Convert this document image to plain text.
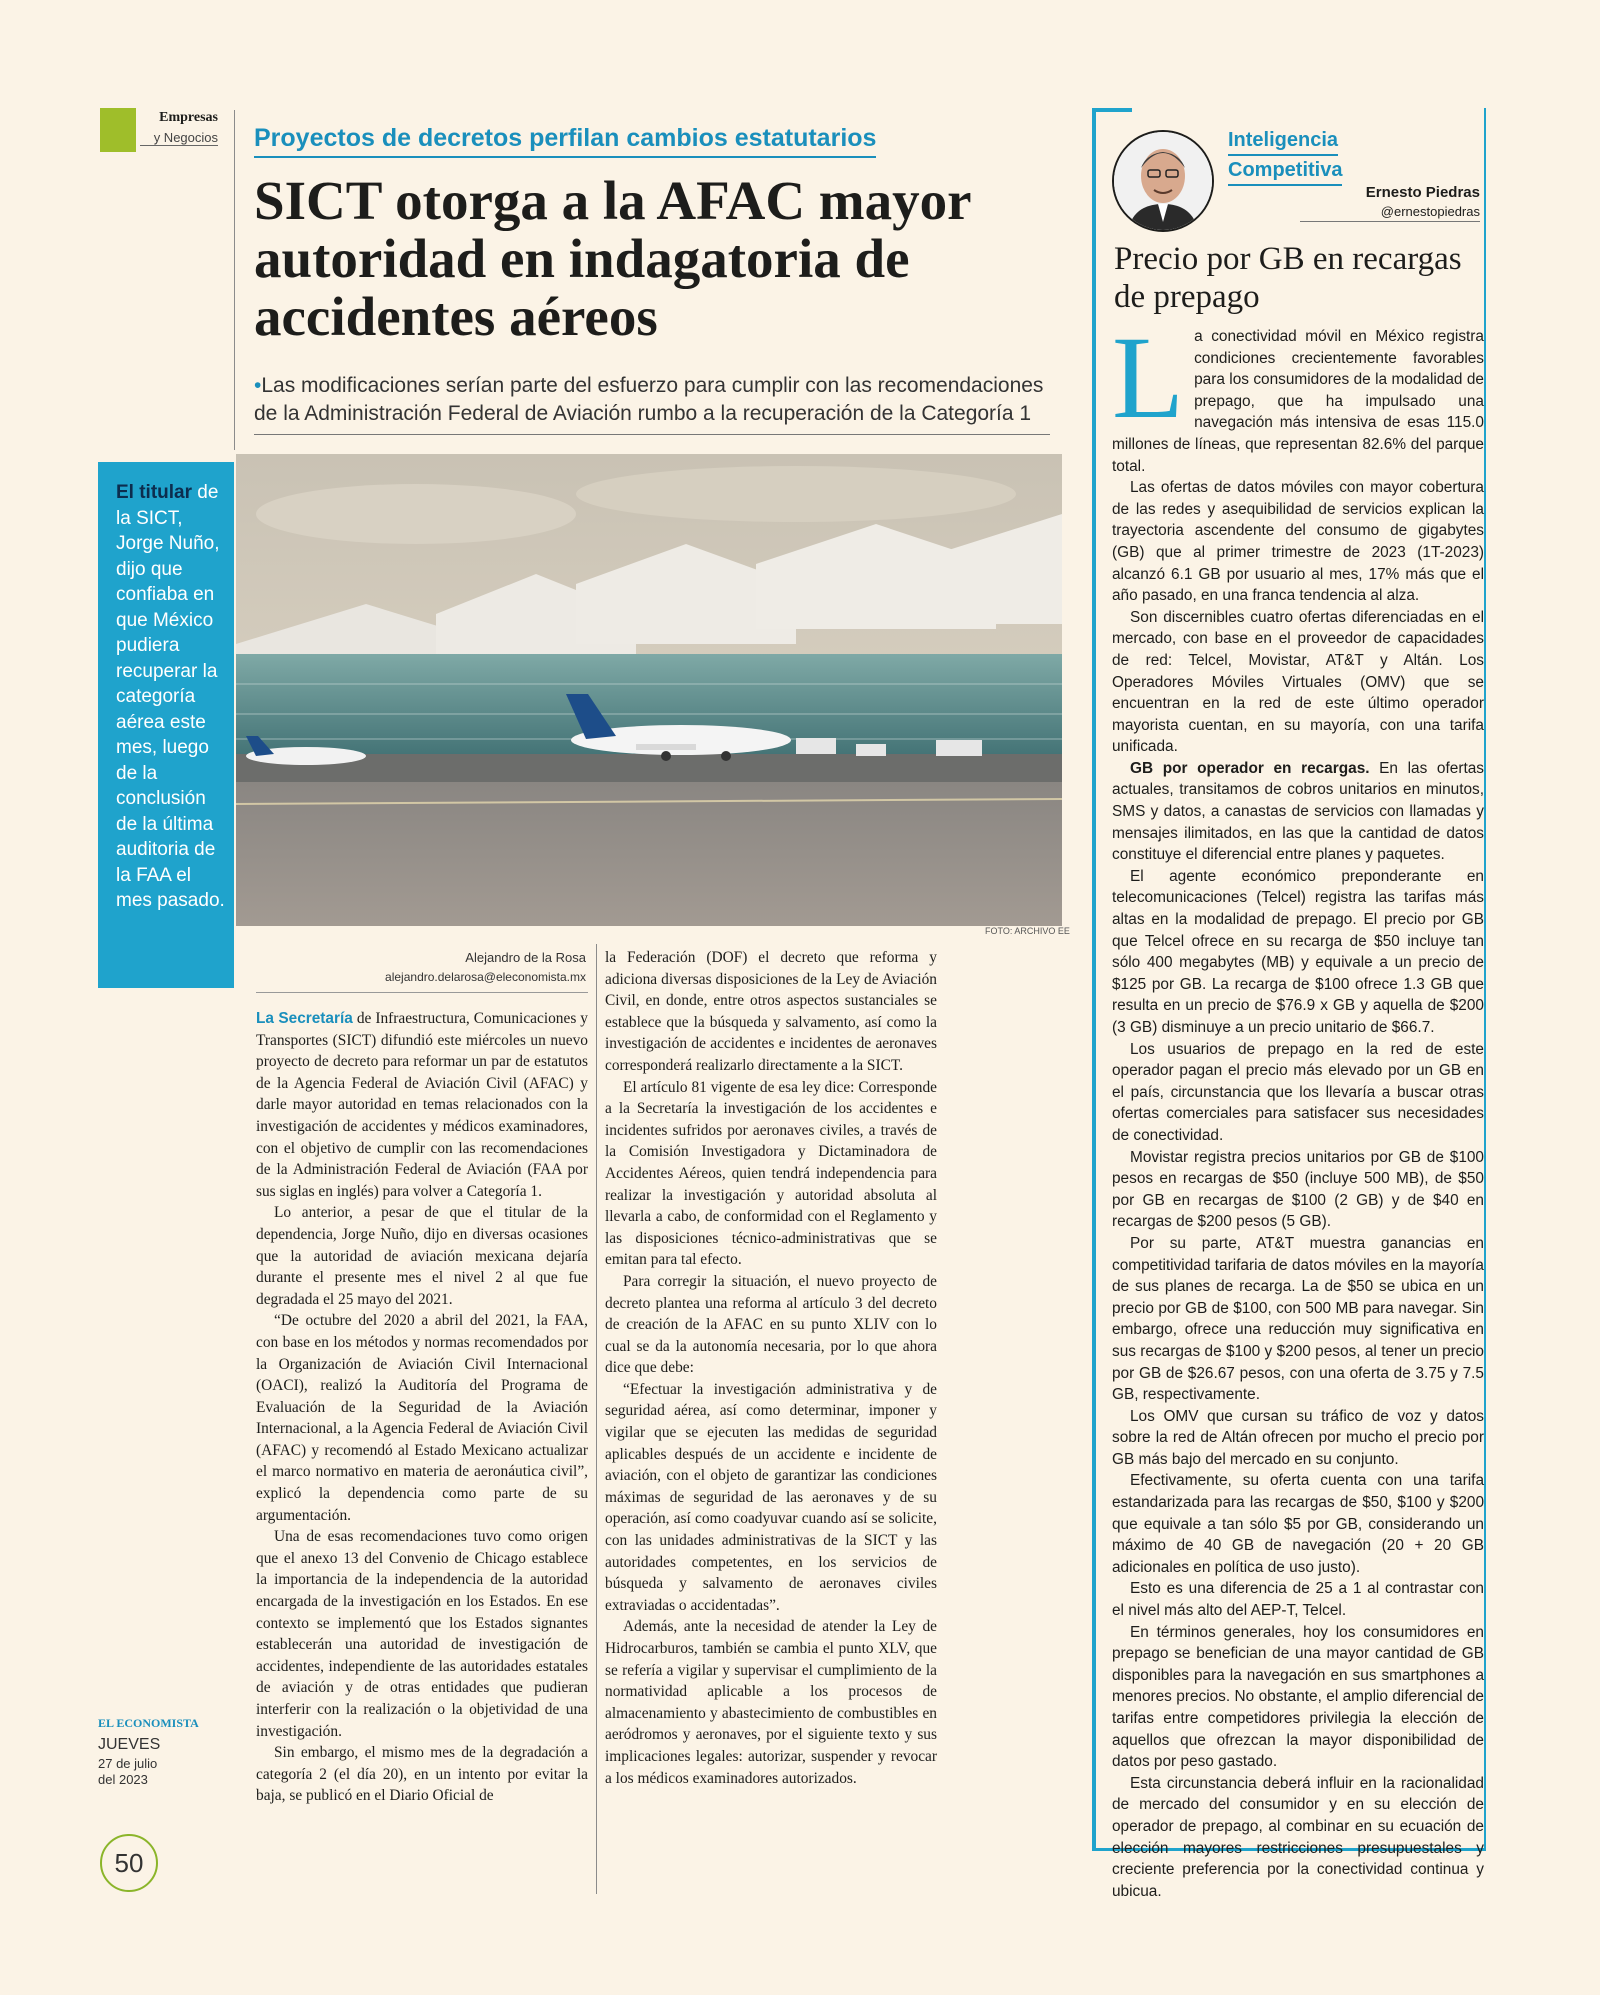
Empresas
y Negocios Proyectos de decretos perfilan cambios estatutarios
SICT otorga a la AFAC mayor autoridad en indagatoria de accidentes aéreos
•Las modificaciones serían parte del esfuerzo para cumplir con las recomendaciones de la Administración Federal de Aviación rumbo a la recuperación de la Categoría 1
FOTO: ARCHIVO EE
El titular de la SICT, Jorge Nuño, dijo que confiaba en que México pudiera recuperar la categoría aérea este mes, luego de la conclusión de la última auditoria de la FAA el mes pasado.
Alejandro de la Rosa
alejandro.delarosa@eleconomista.mx

La Secretaría de Infraestructura, Comunicaciones y Transportes (SICT) difundió este miércoles un nuevo proyecto de decreto para reformar un par de estatutos de la Agencia Federal de Aviación Civil (AFAC) y darle mayor autoridad en temas relacionados con la investigación de accidentes y médicos examinadores, con el objetivo de cumplir con las recomendaciones de la Administración Federal de Aviación (FAA por sus siglas en inglés) para volver a Categoría 1.

Lo anterior, a pesar de que el titular de la dependencia, Jorge Nuño, dijo en diversas ocasiones que la autoridad de aviación mexicana dejaría durante el presente mes el nivel 2 al que fue degradada el 25 mayo del 2021.

“De octubre del 2020 a abril del 2021, la FAA, con base en los métodos y normas recomendados por la Organización de Aviación Civil Internacional (OACI), realizó la Auditoría del Programa de Evaluación de la Seguridad de la Aviación Internacional, a la Agencia Federal de Aviación Civil (AFAC) y recomendó al Estado Mexicano actualizar el marco normativo en materia de aeronáutica civil”, explicó la dependencia como parte de su argumentación.

Una de esas recomendaciones tuvo como origen que el anexo 13 del Convenio de Chicago establece la importancia de la independencia de la autoridad encargada de la investigación en los Estados. En ese contexto se implementó que los Estados signantes establecerán una autoridad de investigación de accidentes, independiente de las autoridades estatales de aviación y de otras entidades que pudieran interferir con la realización o la objetividad de una investigación.

Sin embargo, el mismo mes de la degradación a categoría 2 (el día 20), en un intento por evitar la baja, se publicó en el Diario Oficial de

la Federación (DOF) el decreto que reforma y adiciona diversas disposiciones de la Ley de Aviación Civil, en donde, entre otros aspectos sustanciales se establece que la búsqueda y salvamento, así como la investigación de accidentes e incidentes de aeronaves corresponderá realizarlo directamente a la SICT.

El artículo 81 vigente de esa ley dice: Corresponde a la Secretaría la investigación de los accidentes e incidentes sufridos por aeronaves civiles, a través de la Comisión Investigadora y Dictaminadora de Accidentes Aéreos, quien tendrá independencia para realizar la investigación y autoridad absoluta al llevarla a cabo, de conformidad con el Reglamento y las disposiciones técnico-administrativas que se emitan para tal efecto.

Para corregir la situación, el nuevo proyecto de decreto plantea una reforma al artículo 3 del decreto de creación de la AFAC en su punto XLIV con lo cual se da la autonomía necesaria, por lo que ahora dice que debe:

“Efectuar la investigación administrativa y de seguridad aérea, así como determinar, imponer y vigilar que se ejecuten las medidas de seguridad aplicables después de un accidente e incidente de aviación, con el objeto de garantizar las condiciones máximas de seguridad de las aeronaves y de su operación, así como coadyuvar cuando así se solicite, con las unidades administrativas de la SICT y las autoridades competentes, en los servicios de búsqueda y salvamento de aeronaves civiles extraviadas o accidentadas”.

Además, ante la necesidad de atender la Ley de Hidrocarburos, también se cambia el punto XLV, que se refería a vigilar y supervisar el cumplimiento de la normatividad aplicable a los procesos de almacenamiento y abastecimiento de combustibles en aeródromos y aeronaves, por el siguiente texto y sus implicaciones legales: autorizar, suspender y revocar a los médicos examinadores autorizados.

Inteligencia
Competitiva
Ernesto Piedras
@ernestopiedras
Precio por GB en recargas de prepago

La conectividad móvil en México registra condiciones crecientemente favorables para los consumidores de la modalidad de prepago, que ha impulsado una navegación más intensiva de esas 115.0 millones de líneas, que representan 82.6% del parque total.

Las ofertas de datos móviles con mayor cobertura de las redes y asequibilidad de servicios explican la trayectoria ascendente del consumo de gigabytes (GB) que al primer trimestre de 2023 (1T-2023) alcanzó 6.1 GB por usuario al mes, 17% más que el año pasado, en una franca tendencia al alza.

Son discernibles cuatro ofertas diferenciadas en el mercado, con base en el proveedor de capacidades de red: Telcel, Movistar, AT&T y Altán. Los Operadores Móviles Virtuales (OMV) que se encuentran en la red de este último operador mayorista cuentan, en su mayoría, con una tarifa unificada.

GB por operador en recargas. En las ofertas actuales, transitamos de cobros unitarios en minutos, SMS y datos, a canastas de servicios con llamadas y mensajes ilimitados, en las que la cantidad de datos constituye el diferencial entre planes y paquetes.

El agente económico preponderante en telecomunicaciones (Telcel) registra las tarifas más altas en la modalidad de prepago. El precio por GB que Telcel ofrece en su recarga de $50 incluye tan sólo 400 megabytes (MB) y equivale a un precio de $125 por GB. La recarga de $100 ofrece 1.3 GB que resulta en un precio de $76.9 x GB y aquella de $200 (3 GB) disminuye a un precio unitario de $66.7.

Los usuarios de prepago en la red de este operador pagan el precio más elevado por un GB en el país, circunstancia que los llevaría a buscar otras ofertas comerciales para satisfacer sus necesidades de conectividad.

Movistar registra precios unitarios por GB de $100 pesos en recargas de $50 (incluye 500 MB), de $50 por GB en recargas de $100 (2 GB) y de $40 en recargas de $200 pesos (5 GB).

Por su parte, AT&T muestra ganancias en competitividad tarifaria de datos móviles en la mayoría de sus planes de recarga. La de $50 se ubica en un precio por GB de $100, con 500 MB para navegar. Sin embargo, ofrece una reducción muy significativa en sus recargas de $100 y $200 pesos, al tener un precio por GB de $26.67 pesos, con una oferta de 3.75 y 7.5 GB, respectivamente.

Los OMV que cursan su tráfico de voz y datos sobre la red de Altán ofrecen por mucho el precio por GB más bajo del mercado en su conjunto.

Efectivamente, su oferta cuenta con una tarifa estandarizada para las recargas de $50, $100 y $200 que equivale a tan sólo $5 por GB, considerando un máximo de 40 GB de navegación (20 + 20 GB adicionales en política de uso justo).

Esto es una diferencia de 25 a 1 al contrastar con el nivel más alto del AEP-T, Telcel.

En términos generales, hoy los consumidores en prepago se benefician de una mayor cantidad de GB disponibles para la navegación en sus smartphones a menores precios. No obstante, el amplio diferencial de tarifas entre competidores privilegia la elección de aquellos que ofrezcan la mayor disponibilidad de datos por peso gastado.

Esta circunstancia deberá influir en la racionalidad de mercado del consumidor y en su elección de operador de prepago, al combinar en su ecuación de elección mayores restricciones presupuestales y creciente preferencia por la conectividad continua y ubicua.

EL ECONOMISTA
JUEVES
27 de julio
del 2023
50
